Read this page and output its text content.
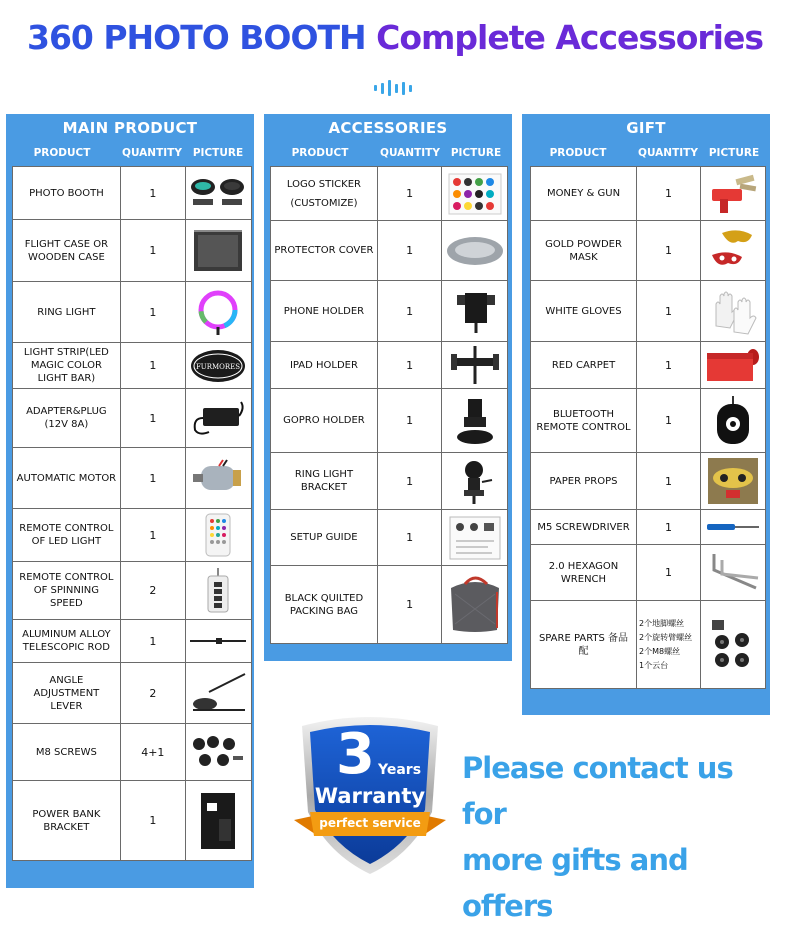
360 PHOTO BOOTH Complete Accessories
MAIN PRODUCT
PRODUCT	QUANTITY	PICTURE
PHOTO BOOTH	1	

FLIGHT CASE OR WOODEN CASE	1	

RING LIGHT	1	

LIGHT STRIP(LED MAGIC COLOR LIGHT BAR)	1	FURMORES

ADAPTER&PLUG (12V 8A)	1	

AUTOMATIC MOTOR	1	

REMOTE CONTROL OF LED LIGHT	1	

REMOTE CONTROL OF SPINNING SPEED	2	

ALUMINUM ALLOY TELESCOPIC ROD	1	

ANGLE ADJUSTMENT LEVER	2	

M8 SCREWS	4+1	

POWER BANK BRACKET	1	
ACCESSORIES
PRODUCT	QUANTITY	PICTURE
LOGO STICKER (CUSTOMIZE)	1	

PROTECTOR COVER	1	

PHONE HOLDER	1	

IPAD HOLDER	1	

GOPRO HOLDER	1	

RING LIGHT BRACKET	1	

SETUP GUIDE	1	

BLACK QUILTED PACKING BAG	1	
GIFT
PRODUCT	QUANTITY	PICTURE
MONEY & GUN	1	

GOLD POWDER MASK	1	

WHITE GLOVES	1	

RED CARPET	1	

BLUETOOTH REMOTE CONTROL	1	

PAPER PROPS	1	

M5 SCREWDRIVER	1	

2.0 HEXAGON WRENCH	1	

SPARE PARTS 备品配	2个地脚螺丝
2个旋转臂螺丝
2个M8螺丝
1个云台

3 Years
Warranty
perfect service
Please contact us for
more gifts and offers
